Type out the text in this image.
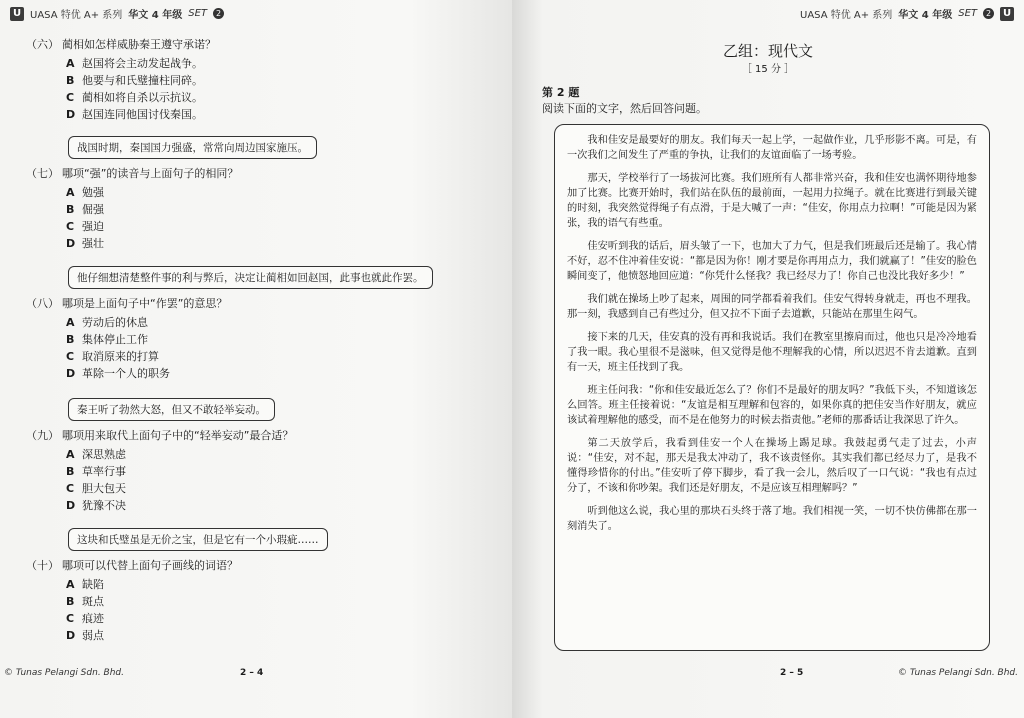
U UASA 特优 A+ 系列 华文 4 年级 SET	2
（六） 蔺相如怎样威胁秦王遵守承诺？
A 赵国将会主动发起战争。
B 他要与和氏璧撞柱同碎。
C 蔺相如将自杀以示抗议。
D 赵国连同他国讨伐秦国。
战国时期，秦国国力强盛，常常向周边国家施压。
（七） 哪项“强”的读音与上面句子的相同？
A 勉强
B 倔强
C 强迫
D 强壮
他仔细想清楚整件事的利与弊后，决定让蔺相如回赵国，此事也就此作罢。
（八） 哪项是上面句子中“作罢”的意思？
A 劳动后的休息
B 集体停止工作
C 取消原来的打算
D 革除一个人的职务
秦王听了勃然大怒，但又不敢轻举妄动。
（九） 哪项用来取代上面句子中的“轻举妄动”最合适？
A 深思熟虑
B 草率行事
C 胆大包天
D 犹豫不决
这块和氏璧虽是无价之宝，但是它有一个小瑕疵……
（十） 哪项可以代替上面句子画线的词语？
A 缺陷
B 斑点
C 痕迹
D 弱点
© Tunas Pelangi Sdn. Bhd.	2 – 4
UASA 特优 A+ 系列 华文 4 年级 SET	2 U
乙组：现代文
［ 15 分 ］
第 2 题
阅读下面的文字，然后回答问题。

我和佳安是最要好的朋友。我们每天一起上学，一起做作业，几乎形影不离。可是，有一次我们之间发生了严重的争执，让我们的友谊面临了一场考验。

那天，学校举行了一场拔河比赛。我们班所有人都非常兴奋，我和佳安也满怀期待地参加了比赛。比赛开始时，我们站在队伍的最前面，一起用力拉绳子。就在比赛进行到最关键的时刻，我突然觉得绳子有点滑，于是大喊了一声：“佳安，你用点力拉啊！”可能是因为紧张，我的语气有些重。

佳安听到我的话后，眉头皱了一下，也加大了力气，但是我们班最后还是输了。我心情不好，忍不住冲着佳安说：“都是因为你！刚才要是你再用点力，我们就赢了！”佳安的脸色瞬间变了，他愤怒地回应道：“你凭什么怪我？我已经尽力了！你自己也没比我好多少！”

我们就在操场上吵了起来，周围的同学都看着我们。佳安气得转身就走，再也不理我。那一刻，我感到自己有些过分，但又拉不下面子去道歉，只能站在那里生闷气。

接下来的几天，佳安真的没有再和我说话。我们在教室里擦肩而过，他也只是冷冷地看了我一眼。我心里很不是滋味，但又觉得是他不理解我的心情，所以迟迟不肯去道歉。直到有一天，班主任找到了我。

班主任问我：“你和佳安最近怎么了？你们不是最好的朋友吗？”我低下头，不知道该怎么回答。班主任接着说：“友谊是相互理解和包容的，如果你真的把佳安当作好朋友，就应该试着理解他的感受，而不是在他努力的时候去指责他。”老师的那番话让我深思了许久。

第二天放学后，我看到佳安一个人在操场上踢足球。我鼓起勇气走了过去，小声说：“佳安，对不起，那天是我太冲动了，我不该责怪你。其实我们都已经尽力了，是我不懂得珍惜你的付出。”佳安听了停下脚步，看了我一会儿，然后叹了一口气说：“我也有点过分了，不该和你吵架。我们还是好朋友，不是应该互相理解吗？”

听到他这么说，我心里的那块石头终于落了地。我们相视一笑，一切不快仿佛都在那一刻消失了。

2 – 5	© Tunas Pelangi Sdn. Bhd.
